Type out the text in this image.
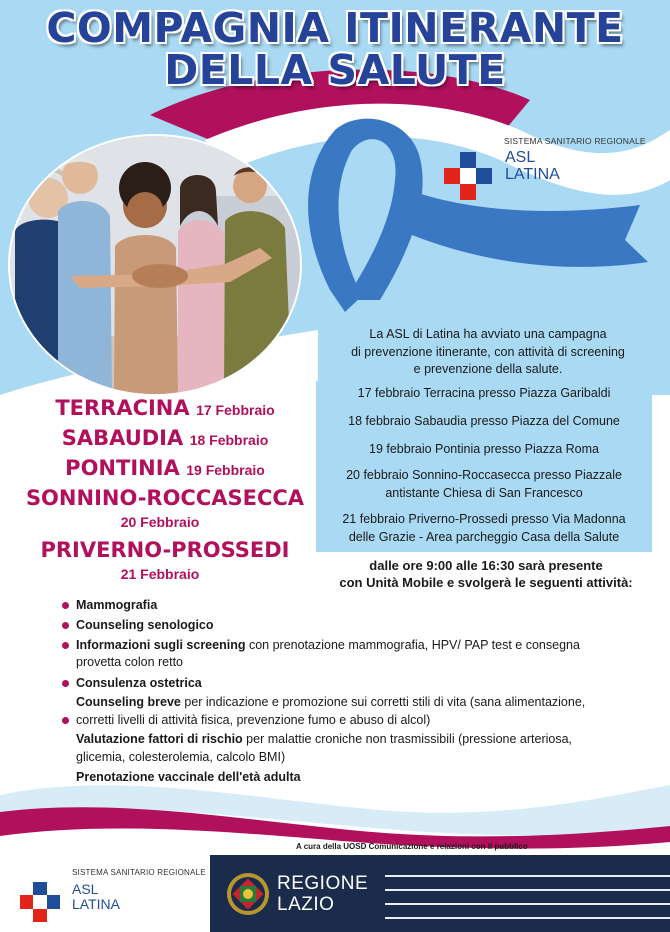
COMPAGNIA ITINERANTE
DELLA SALUTE
SISTEMA SANITARIO REGIONALE
ASL
LATINA
La ASL di Latina ha avviato una campagna
di prevenzione itinerante, con attività di screening
e prevenzione della salute.
17 febbraio Terracina presso Piazza Garibaldi
18 febbraio Sabaudia presso Piazza del Comune
19 febbraio Pontinia presso Piazza Roma
20 febbraio Sonnino-Roccasecca presso Piazzale
antistante Chiesa di San Francesco
21 febbraio Priverno-Prossedi presso Via Madonna
delle Grazie - Area parcheggio Casa della Salute
TERRACINA 17 Febbraio
SABAUDIA 18 Febbraio
PONTINIA 19 Febbraio
SONNINO-ROCCASECCA
20 Febbraio
PRIVERNO-PROSSEDI
21 Febbraio
dalle ore 9:00 alle 16:30 sarà presente
con Unità Mobile e svolgerà le seguenti attività:
Mammografia
Counseling senologico
Informazioni sugli screening con prenotazione mammografia, HPV/ PAP test e consegna
provetta colon retto
Consulenza ostetrica
Counseling breve per indicazione e promozione sui corretti stili di vita (sana alimentazione,
corretti livelli di attività fisica, prevenzione fumo e abuso di alcol)
Valutazione fattori di rischio per malattie croniche non trasmissibili (pressione arteriosa,
glicemia, colesterolemia, calcolo BMI)
Prenotazione vaccinale dell'età adulta
A cura della UOSD Comunicazione e relazioni con il pubblico
SISTEMA SANITARIO REGIONALE
ASL
LATINA
REGIONE
LAZIO
